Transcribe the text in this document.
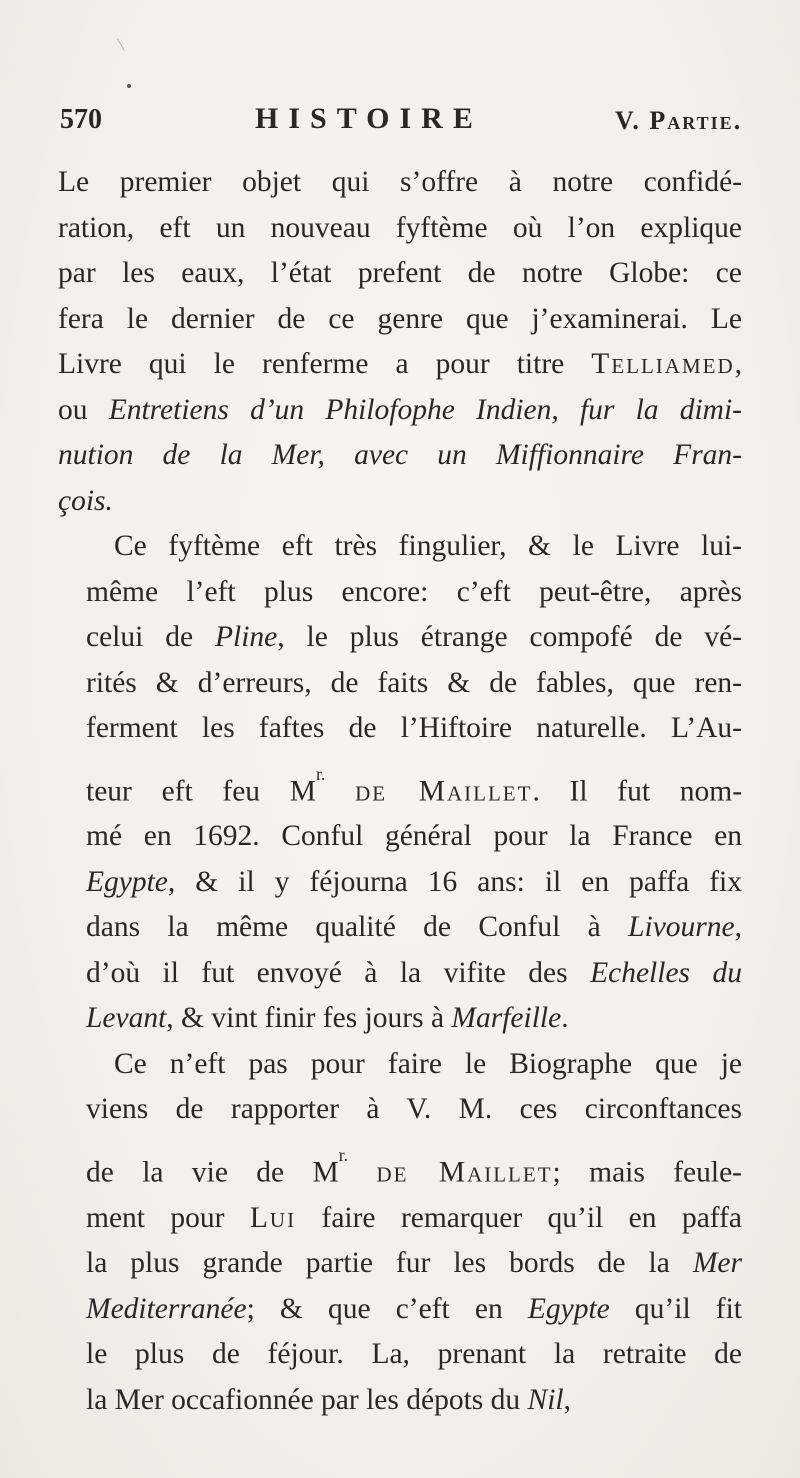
570	HISTOIRE	V. Partie.

Le premier objet qui s’offre à notre confidé-
ration, eft un nouveau fyftème où l’on explique
par les eaux, l’état prefent de notre Globe: ce
fera le dernier de ce genre que j’examinerai. Le
Livre qui le renferme a pour titre Telliamed,
ou Entretiens d’un Philofophe Indien, fur la dimi-
nution de la Mer, avec un Miffionnaire Fran-
çois.

Ce fyftème eft très fingulier, & le Livre lui-
même l’eft plus encore: c’eft peut-être, après
celui de Pline, le plus étrange compofé de vé-
rités & d’erreurs, de faits & de fables, que ren-
ferment les faftes de l’Hiftoire naturelle. L’Au-
teur eft feu $M^{r.}$ de Maillet. Il fut nom-
mé en 1692. Conful général pour la France en
Egypte, & il y féjourna 16 ans: il en paffa fix
dans la même qualité de Conful à Livourne,
d’où il fut envoyé à la vifite des Echelles du
Levant, & vint finir fes jours à Marfeille.

Ce n’eft pas pour faire le Biographe que je
viens de rapporter à V. M. ces circonftances
de la vie de $M^{r.}$ de Maillet; mais feule-
ment pour Lui faire remarquer qu’il en paffa
la plus grande partie fur les bords de la Mer
Mediterranée; & que c’eft en Egypte qu’il fit
le plus de féjour. La, prenant la retraite de
la Mer occafionnée par les dépots du Nil,
